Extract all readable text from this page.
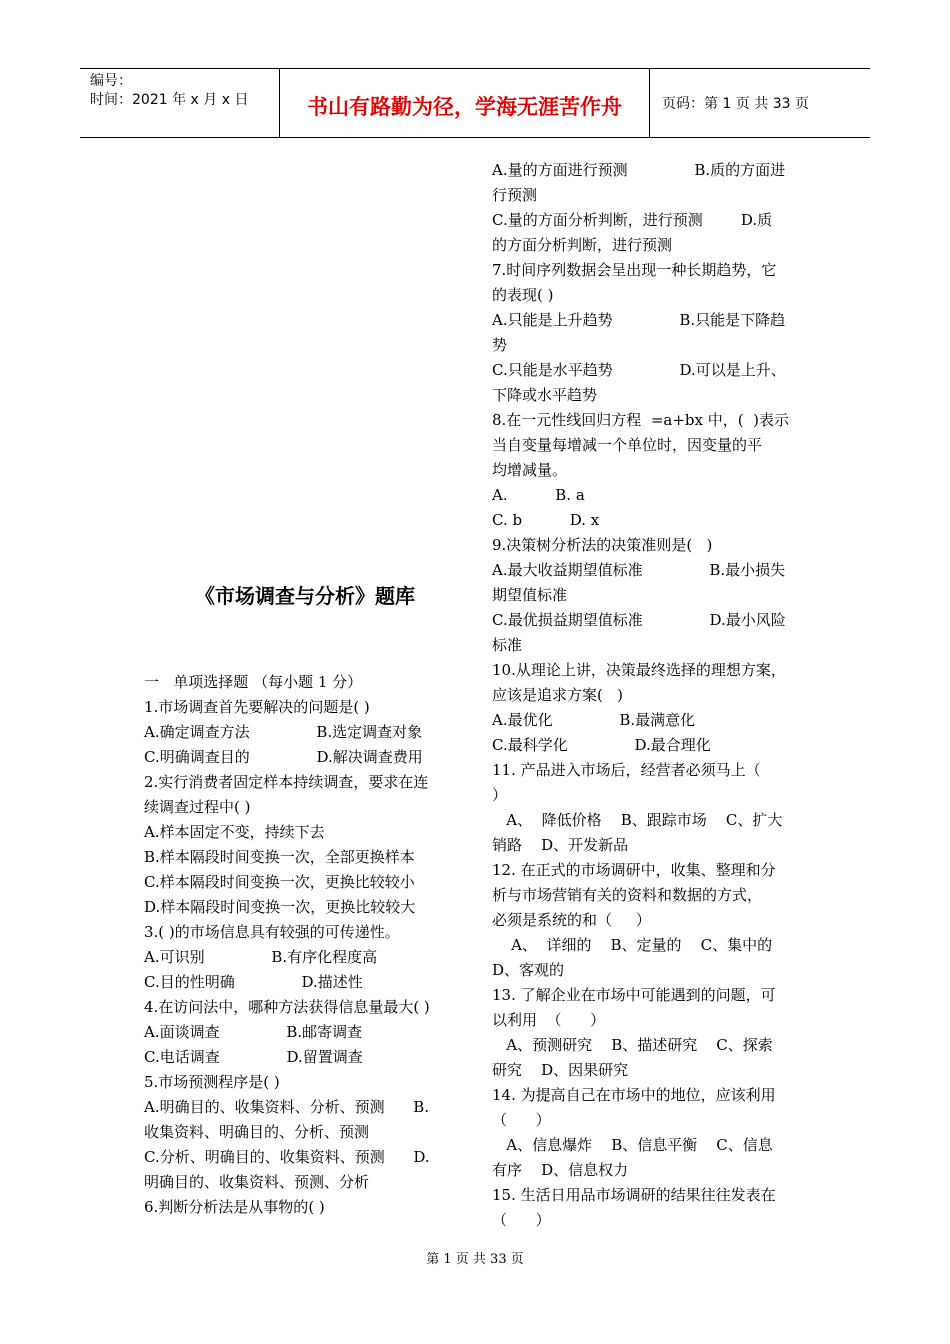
编号：
时间：2021 年 x 月 x 日	书山有路勤为径，学海无涯苦作舟	页码：第 1 页 共 33 页
《市场调查与分析》题库
一   单项选择题 （每小题 1 分）
1.市场调查首先要解决的问题是( )
A.确定调查方法              B.选定调查对象
C.明确调查目的              D.解决调查费用
2.实行消费者固定样本持续调查，要求在连
续调查过程中( )
A.样本固定不变，持续下去
B.样本隔段时间变换一次，全部更换样本
C.样本隔段时间变换一次，更换比较较小
D.样本隔段时间变换一次，更换比较较大
3.( )的市场信息具有较强的可传递性。
A.可识别              B.有序化程度高
C.目的性明确              D.描述性
4.在访问法中，哪种方法获得信息量最大( )
A.面谈调查              B.邮寄调查
C.电话调查              D.留置调查
5.市场预测程序是( )
A.明确目的、收集资料、分析、预测      B.
收集资料、明确目的、分析、预测
C.分析、明确目的、收集资料、预测      D.
明确目的、收集资料、预测、分析
6.判断分析法是从事物的( )
A.量的方面进行预测              B.质的方面进
行预测
C.量的方面分析判断，进行预测        D.质
的方面分析判断，进行预测
7.时间序列数据会呈出现一种长期趋势，它
的表现( )
A.只能是上升趋势              B.只能是下降趋
势
C.只能是水平趋势              D.可以是上升、
下降或水平趋势
8.在一元性线回归方程  =a+bx 中，(  )表示
当自变量每增减一个单位时，因变量的平
均增减量。
A.          B. a
C. b          D. x
9.决策树分析法的决策准则是(   )
A.最大收益期望值标准              B.最小损失
期望值标准
C.最优损益期望值标准              D.最小风险
标准
10.从理论上讲，决策最终选择的理想方案，
应该是追求方案(   )
A.最优化              B.最满意化
C.最科学化              D.最合理化
11. 产品进入市场后，经营者必须马上（
）
A、  降低价格    B、跟踪市场    C、扩大
销路    D、开发新品
12. 在正式的市场调研中，收集、整理和分
析与市场营销有关的资料和数据的方式，
必须是系统的和（     ）
A、  详细的    B、定量的    C、集中的
D、客观的
13. 了解企业在市场中可能遇到的问题，可
以利用  （      ）
A、预测研究    B、描述研究    C、探索
研究    D、因果研究
14. 为提高自己在市场中的地位，应该利用
（      ）
A、信息爆炸    B、信息平衡    C、信息
有序    D、信息权力
15. 生活日用品市场调研的结果往往发表在
（      ）
第 1 页 共 33 页
